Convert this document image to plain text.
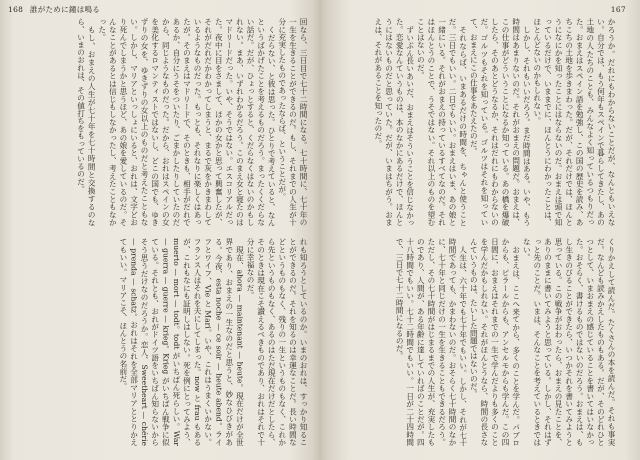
168 誰がために鐘は鳴る

回なら、三日目で七十二時間になる。七十時間に、七十年の一生を生きることができるのだ。もし、それまでの人生が十分に充実したものであったならば、ということだが。

くだらない、と彼は思った。ひとりで考えていると、なんというばかげたことを考えるものだろう。まったくくだらない話だ。だが、ひょっとすると、くだらなくはないのかもしれない。まあ、いずれわかるだろう。このまえ女と寝たのはマドリードだった。いや、そうではない。エスコリアルだった。夜中に目をさまして、ほかの女かと思って興奮したが、それがだれだかわかってしまうと、まるで灰をかきまわしているようなものだった。もっとも、それなりに楽しくはあったが。そのまえはマドリードで、そのときも、相手がだれであるか、自分にうそをついたり、ごまかしたりしていたのだから、同じようなものだった。だから、おれはスペインの女を美化するロマンティストではないし、どこの国でも、ゆきずりの女を、ゆきずりの女以上のものだと考えたこともない。しかし、マリアといっしょにいると、おれは、文字どおり死んでしまうかと思うほど、あの娘を愛しているのだ。そんなことがあるとは信じもしなかったし、考えたこともなかった。

もし、おまえの人生が七十年を七十時間と交換するのなら、いまのおれは、その値打ちをもっているのだ。

れも知ろうとしているのか。いまのおれは、すっかり知ることができるのだ。それを知るのは幸運なことだ。長い時間などというものもなく、残りの一生というものもなく、これから先というものもなく、あるのはただ現在だけだとしたら、そのときは現在こそ讃えるべきものであり、おれはそれで十分に幸福なのだ。

現在、ahora — maintenant — heute。現在だけが全世界であり、おまえの一生なのだと思うと、妙なひびきがある。今夜、esta noche — ce soir — heute abend。ライフとワイフ、Vie と Mari。いや、これはうまくいかない。フランス人はそれを夫にしてしまった。now と frau もあるが、これもなにも証明しはしない。死を例にとってみよう、muerto — mort — todt。todt がいちばん死らしい。War — guerra — guerre — krieg。Krieg がいちばん戦争に似ている。それとも、おれがドイツ語をいちばん知らないからそう思うだけなのだろうか。恋人、Sweetheart — chérie — prenda — schatz。おれはそれを全部マリアととりかえてもいい。マリアこそ、ほんとうの名前だ。

167

かろうか。だれにもわからないことだが、なんともいえない。自分では、もう何年もスペインで暮らしてきたし、あの土地の人たちのことも、みんなよく知っているつもりだった。おまえはスペイン語を勉強し、この国の歴史を読み、あちこちの土地を歩きまわった。だが、それだけでは、ほんとうになにかを知ったことにはならないのだ。おまえは頭で知っているだけで、いままでに、ほんとうにわかったことは、ほとんどないのかもしれない。

しかし、それもいいだろう。まだ時間はある。いや、もう時間はあまりないのだ。それがおまえの問題だ。おまえは、この仕事がどういうことになるか知っている。あの橋を爆破したら、そのあとどうなるか、それはだれにもわからないのだ。ゴルツもそれを知っている。ゴルツはそれを知っていて、おまえにこの仕事をあたえたのだ。

それならば、いまあるだけの時間を、ちゃんと使うことだ。三日でもいい。二日でもいい。おまえはいま、あの娘と一緒にいる。それがおまえの持っているすべてなのだ。それはほんとうのことで、うそではない。それ以上のものを望むことはないのだ。

ずいぶん長いあいだ、おまえはそういうことを信じなかった。恋愛なんていうものは、本のなかにあるだけで、ほんとうにはないものだと思っていた。だが、いまはちがう。おまえは、それがあることを知ったのだ。

くりかえして読んだ。たくさんの本を読んだ。それも事実だ。なんども読みかえしたものもある。だが、そのどれひとつとして、いまおまえの感じていることを書いてはいなかった。おそらく、書けるものではないのだろう。おまえは、もし生きのびることができたら、いつかそれを書いてみようと思っている。この戦争がおわったら、おまえの見たことを、ありのままに書いてみようと思っている。しかし、それはずっと先のことだ。いまは、そんなことを考えているときではない。

おまえは、ここへ来てから、多くのことを学んだ。パブロからも、ピラールからも、アンセルモからも学んだ。この四日間に、おまえはそれまでの一生で学んだよりも多くのことを学んだかもしれない。それがほんとうなら、時間の長さなんていうものは、たいした問題ではないのだ。

人生は、六十年でも七十年でもいい。しかし、それが七十時間であっても、かまわないのだ。おそらく七十時間のなかに、七十年と同じだけの一生を生きることもできるだろう。ただし、その七十時間がはじまるまでの人生が、充実したものであり、人間が、ある年齢に達していればのことだが。四十八時間でもいい。七十二時間でもいい。一日が二十四時間で、三日で七十二時間になるのだ。
